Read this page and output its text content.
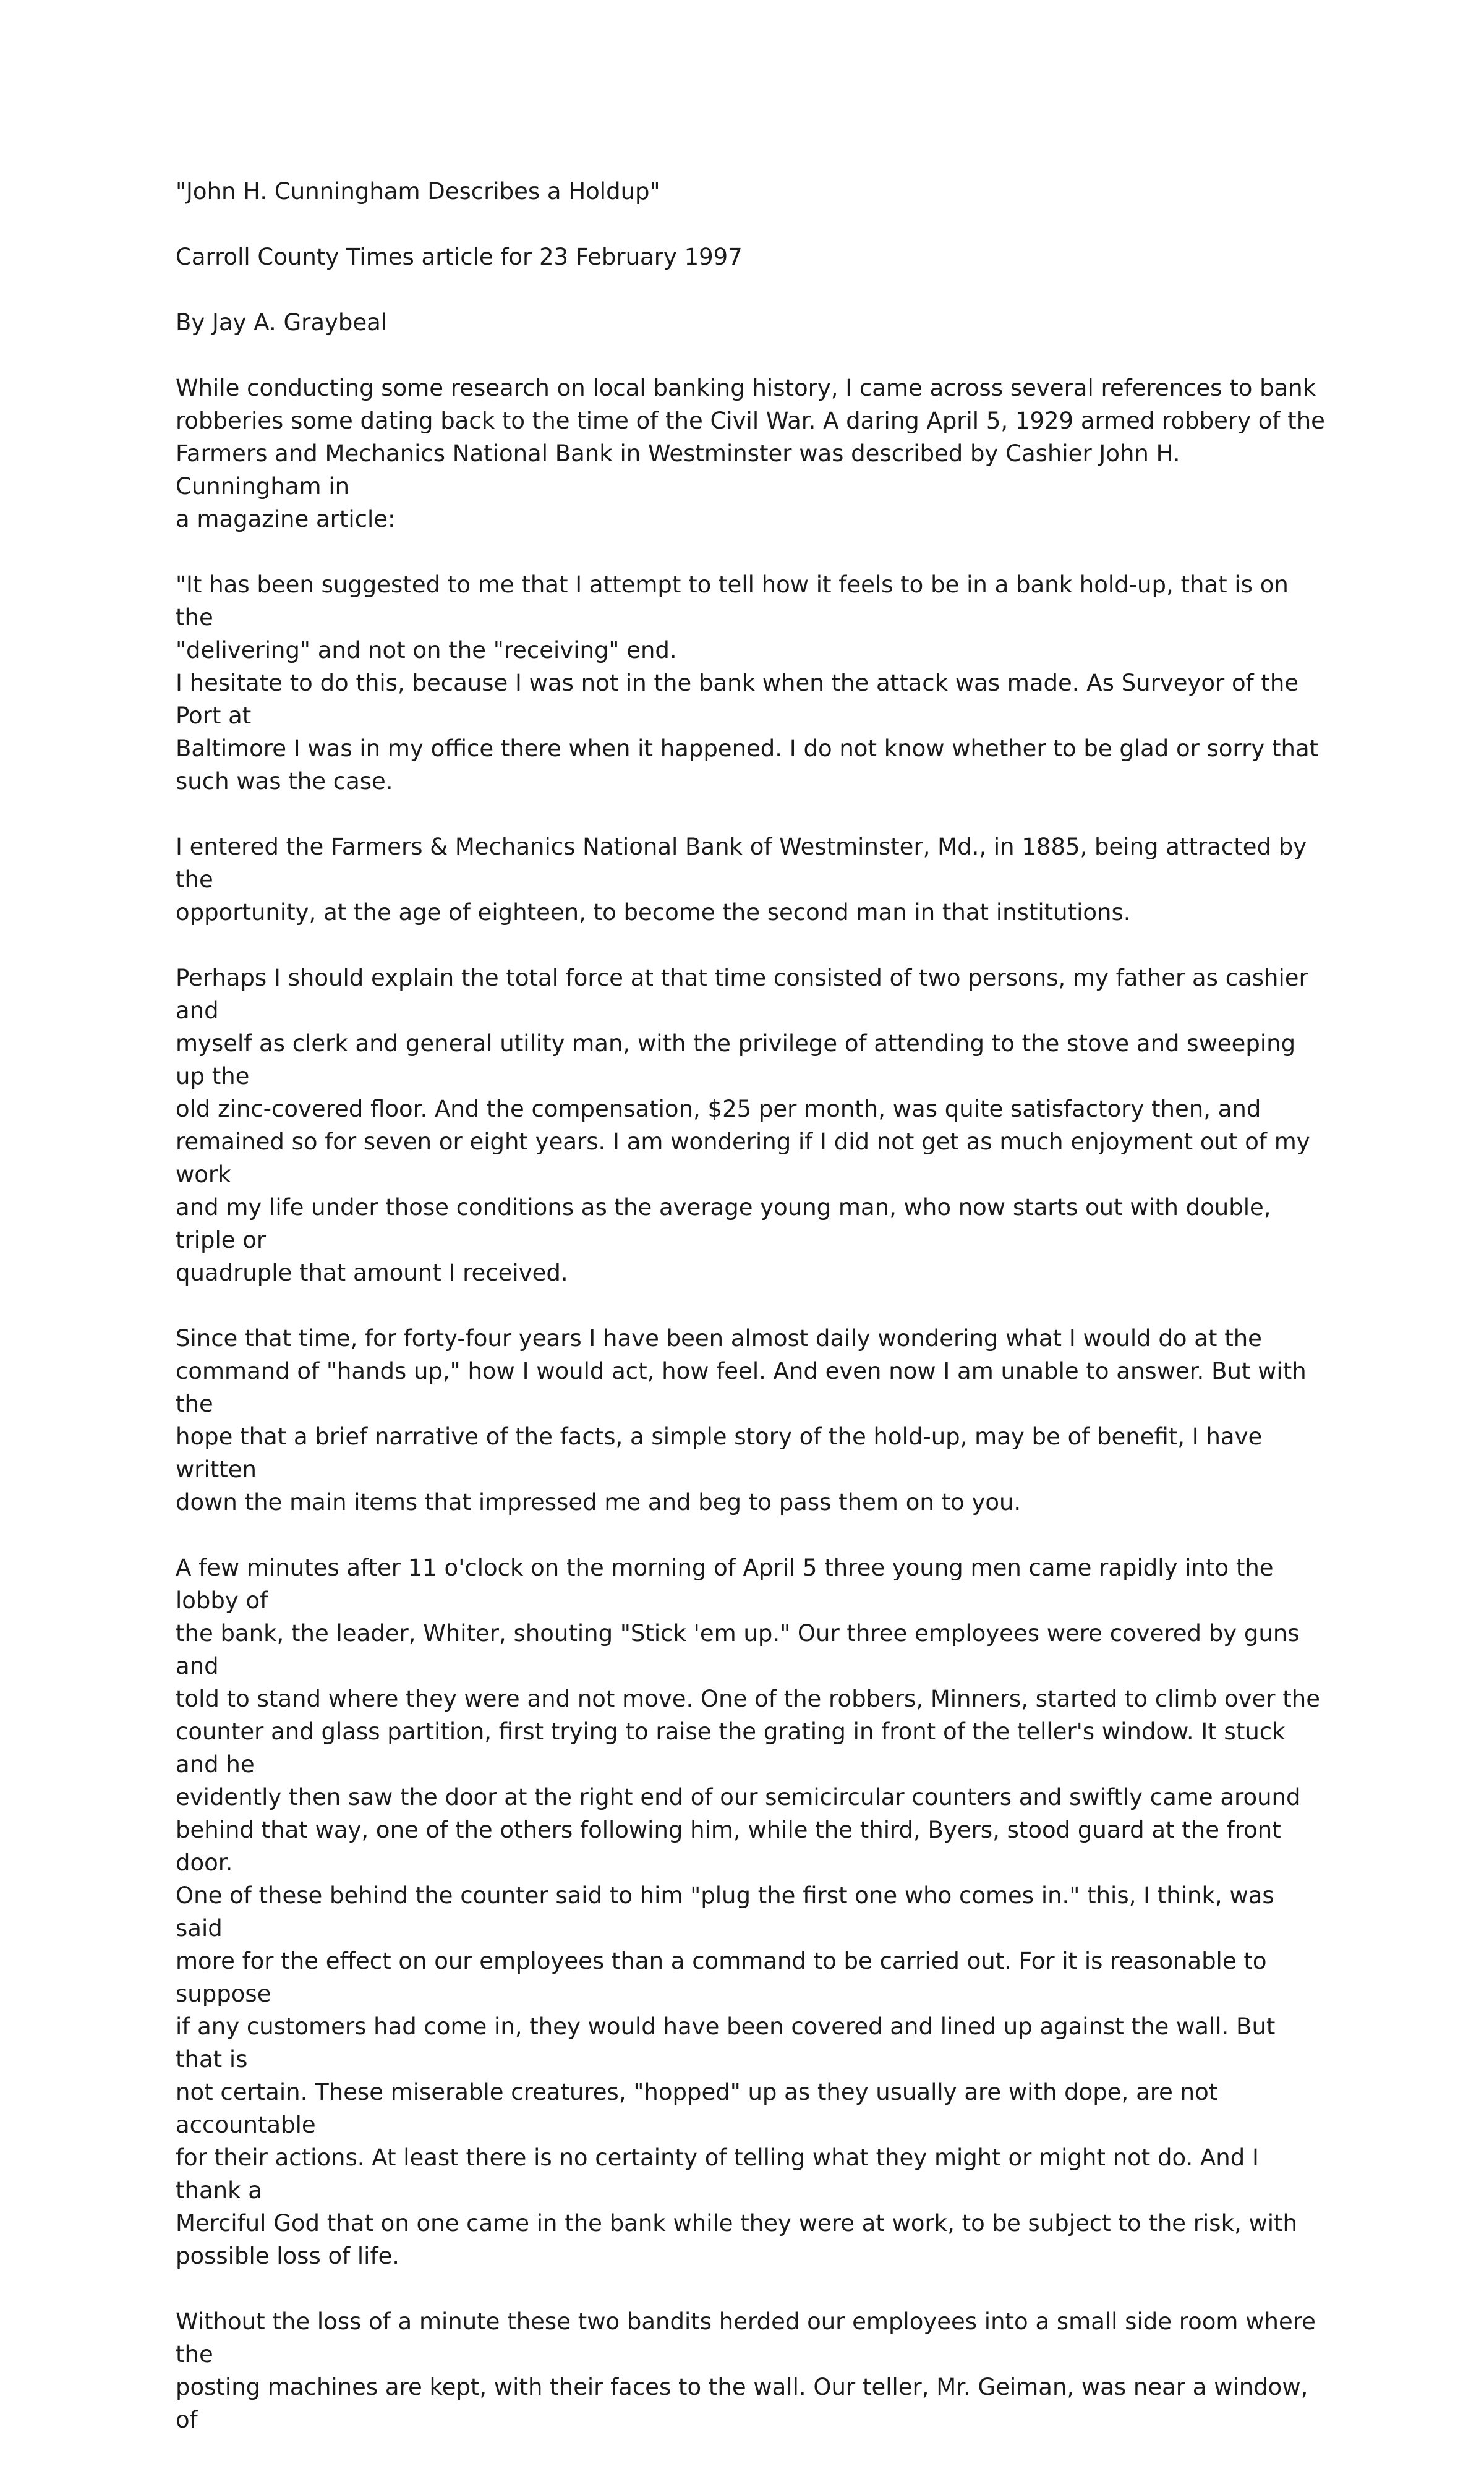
"John H. Cunningham Describes a Holdup"

Carroll County Times article for 23 February 1997

By Jay A. Graybeal

While conducting some research on local banking history, I came across several references to bank
robberies some dating back to the time of the Civil War. A daring April 5, 1929 armed robbery of the
Farmers and Mechanics National Bank in Westminster was described by Cashier John H. Cunningham in
a magazine article:

"It has been suggested to me that I attempt to tell how it feels to be in a bank hold-up, that is on the
"delivering" and not on the "receiving" end.

I hesitate to do this, because I was not in the bank when the attack was made. As Surveyor of the Port at
Baltimore I was in my office there when it happened. I do not know whether to be glad or sorry that
such was the case.

I entered the Farmers & Mechanics National Bank of Westminster, Md., in 1885, being attracted by the
opportunity, at the age of eighteen, to become the second man in that institutions.

Perhaps I should explain the total force at that time consisted of two persons, my father as cashier and
myself as clerk and general utility man, with the privilege of attending to the stove and sweeping up the
old zinc-covered floor. And the compensation, $25 per month, was quite satisfactory then, and
remained so for seven or eight years. I am wondering if I did not get as much enjoyment out of my work
and my life under those conditions as the average young man, who now starts out with double, triple or
quadruple that amount I received.

Since that time, for forty-four years I have been almost daily wondering what I would do at the
command of "hands up," how I would act, how feel. And even now I am unable to answer. But with the
hope that a brief narrative of the facts, a simple story of the hold-up, may be of benefit, I have written
down the main items that impressed me and beg to pass them on to you.

A few minutes after 11 o'clock on the morning of April 5 three young men came rapidly into the lobby of
the bank, the leader, Whiter, shouting "Stick 'em up." Our three employees were covered by guns and
told to stand where they were and not move. One of the robbers, Minners, started to climb over the
counter and glass partition, first trying to raise the grating in front of the teller's window. It stuck and he
evidently then saw the door at the right end of our semicircular counters and swiftly came around
behind that way, one of the others following him, while the third, Byers, stood guard at the front door.
One of these behind the counter said to him "plug the first one who comes in." this, I think, was said
more for the effect on our employees than a command to be carried out. For it is reasonable to suppose
if any customers had come in, they would have been covered and lined up against the wall. But that is
not certain. These miserable creatures, "hopped" up as they usually are with dope, are not accountable
for their actions. At least there is no certainty of telling what they might or might not do. And I thank a
Merciful God that on one came in the bank while they were at work, to be subject to the risk, with
possible loss of life.

Without the loss of a minute these two bandits herded our employees into a small side room where the
posting machines are kept, with their faces to the wall. Our teller, Mr. Geiman, was near a window, of
